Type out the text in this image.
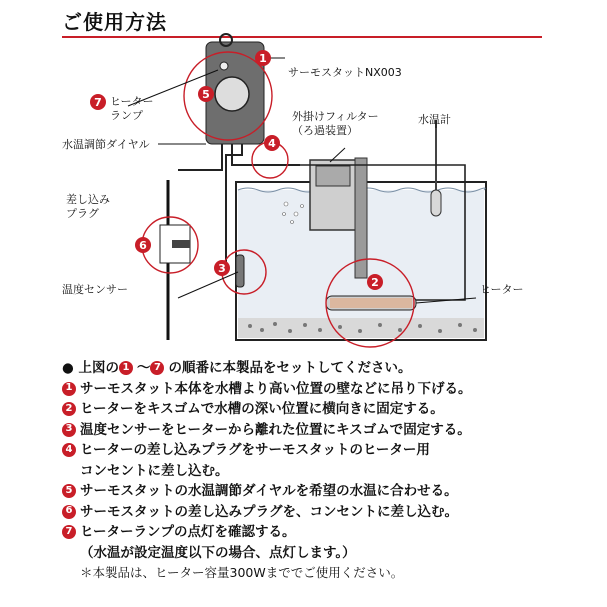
ご使用方法
1
2
3
4
5
6
7
サーモスタットNX003
ヒーター
ランプ
水温調節ダイヤル
外掛けフィルター
（ろ過装置）
水温計
差し込み
プラグ
温度センサー	ヒーター
● 上図の 1 〜 7 の順番に本製品をセットしてください。
1 サーモスタット本体を水槽より高い位置の壁などに吊り下げる。
2 ヒーターをキスゴムで水槽の深い位置に横向きに固定する。
3 温度センサーをヒーターから離れた位置にキスゴムで固定する。
4 ヒーターの差し込みプラグをサーモスタットのヒーター用
コンセントに差し込む。
5 サーモスタットの水温調節ダイヤルを希望の水温に合わせる。
6 サーモスタットの差し込みプラグを、コンセントに差し込む。
7 ヒーターランプの点灯を確認する。
（水温が設定温度以下の場合、点灯します。）
＊本製品は、ヒーター容量300Wまででご使用ください。
